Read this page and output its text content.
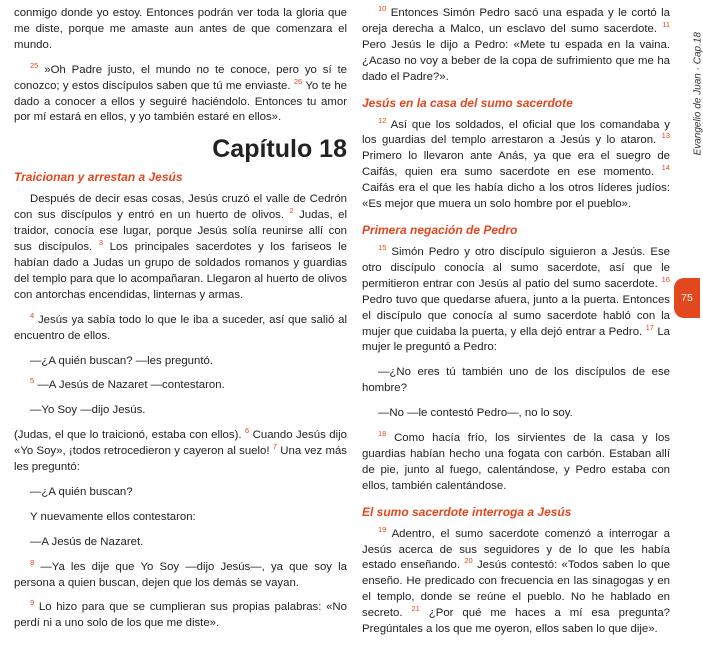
conmigo donde yo estoy. Entonces podrán ver toda la gloria que me diste, porque me amaste aun antes de que comenzara el mundo.

$^{25}$ »Oh Padre justo, el mundo no te conoce, pero yo sí te conozco; y estos discípulos saben que tú me enviaste. $^{26}$ Yo te he dado a conocer a ellos y seguiré haciéndolo. Entonces tu amor por mí estará en ellos, y yo también estaré en ellos».

Capítulo 18
Traicionan y arrestan a Jesús

Después de decir esas cosas, Jesús cruzó el valle de Cedrón con sus discípulos y entró en un huerto de olivos. $^2$ Judas, el traidor, conocía ese lugar, porque Jesús solía reunirse allí con sus discípulos. $^3$ Los principales sacerdotes y los fariseos le habían dado a Judas un grupo de soldados romanos y guardias del templo para que lo acompañaran. Llegaron al huerto de olivos con antorchas encendidas, linternas y armas.

$^4$ Jesús ya sabía todo lo que le iba a suceder, así que salió al encuentro de ellos.

—¿A quién buscan? —les preguntó.

$^5$ —A Jesús de Nazaret —contestaron.

—Yo Soy —dijo Jesús.

(Judas, el que lo traicionó, estaba con ellos). $^6$ Cuando Jesús dijo «Yo Soy», ¡todos retrocedieron y cayeron al suelo! $^7$ Una vez más les preguntó:

—¿A quién buscan?

Y nuevamente ellos contestaron:

—A Jesús de Nazaret.

$^8$ —Ya les dije que Yo Soy —dijo Jesús—, ya que soy la persona a quien buscan, dejen que los demás se vayan.

$^9$ Lo hizo para que se cumplieran sus propias palabras: «No perdí ni a uno solo de los que me diste».

$^{10}$ Entonces Simón Pedro sacó una espada y le cortó la oreja derecha a Malco, un esclavo del sumo sacerdote. $^{11}$ Pero Jesús le dijo a Pedro: «Mete tu espada en la vaina. ¿Acaso no voy a beber de la copa de sufrimiento que me ha dado el Padre?».

Jesús en la casa del sumo sacerdote

$^{12}$ Así que los soldados, el oficial que los comandaba y los guardias del templo arrestaron a Jesús y lo ataron. $^{13}$ Primero lo llevaron ante Anás, ya que era el suegro de Caifás, quien era sumo sacerdote en ese momento. $^{14}$ Caifás era el que les había dicho a los otros líderes judíos: «Es mejor que muera un solo hombre por el pueblo».

Primera negación de Pedro

$^{15}$ Simón Pedro y otro discípulo siguieron a Jesús. Ese otro discípulo conocía al sumo sacerdote, así que le permitieron entrar con Jesús al patio del sumo sacerdote. $^{16}$ Pedro tuvo que quedarse afuera, junto a la puerta. Entonces el discípulo que conocía al sumo sacerdote habló con la mujer que cuidaba la puerta, y ella dejó entrar a Pedro. $^{17}$ La mujer le preguntó a Pedro:

—¿No eres tú también uno de los discípulos de ese hombre?

—No —le contestó Pedro—, no lo soy.

$^{18}$ Como hacía frío, los sirvientes de la casa y los guardias habían hecho una fogata con carbón. Estaban allí de pie, junto al fuego, calentándose, y Pedro estaba con ellos, también calentándose.

El sumo sacerdote interroga a Jesús

$^{19}$ Adentro, el sumo sacerdote comenzó a interrogar a Jesús acerca de sus seguidores y de lo que les había estado enseñando. $^{20}$ Jesús contestó: «Todos saben lo que enseño. He predicado con frecuencia en las sinagogas y en el templo, donde se reúne el pueblo. No he hablado en secreto. $^{21}$ ¿Por qué me haces a mí esa pregunta? Pregúntales a los que me oyeron, ellos saben lo que dije».

Evangelio de Juan · Cap.18
75
